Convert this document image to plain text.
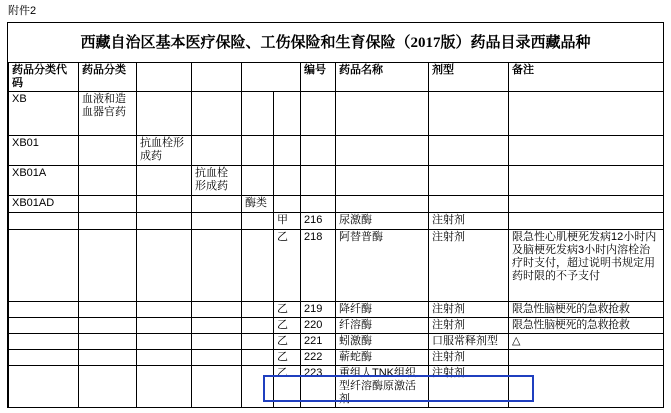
附件2
西藏自治区基本医疗保险、工伤保险和生育保险（2017版）药品目录西藏品种
药品分类代码	药品分类					编号	药品名称	剂型	备注
XB	血液和造血器官药								
XB01		抗血栓形成药							
XB01A			抗血栓形成药						
XB01AD				酶类					
					甲	216	尿激酶	注射剂	
					乙	218	阿替普酶	注射剂	限急性心肌梗死发病12小时内及脑梗死发病3小时内溶栓治疗时支付，超过说明书规定用药时限的不予支付
					乙	219	降纤酶	注射剂	限急性脑梗死的急救抢救
					乙	220	纤溶酶	注射剂	限急性脑梗死的急救抢救
					乙	221	蚓激酶	口服常释剂型	△
					乙	222	蕲蛇酶	注射剂	
					乙	223	重组人TNK组织型纤溶酶原激活剂	注射剂	
